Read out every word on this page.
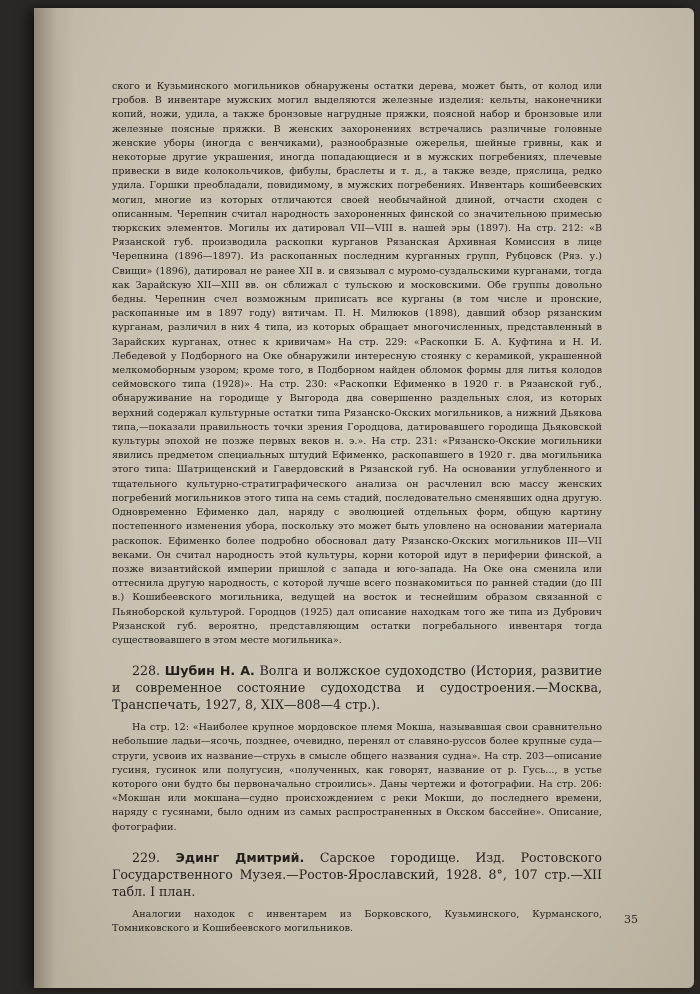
ского и Кузьминского могильников обнаружены остатки дерева, может быть, от колод или гробов. В инвентаре мужских могил выделяются железные изделия: кельты, наконечники копий, ножи, удила, а также бронзовые нагрудные пряжки, поясной набор и бронзовые или железные поясные пряжки. В женских захоронениях встречались различные головные женские уборы (иногда с венчиками), разнообразные ожерелья, шейные гривны, как и некоторые другие украшения, иногда попадающиеся и в мужских погребениях, плечевые привески в виде колокольчиков, фибулы, браслеты и т. д., а также везде, пряслица, редко удила. Горшки преобладали, повидимому, в мужских погребениях. Инвентарь кошибеевских могил, многие из которых отличаются своей необычайной длиной, отчасти сходен с описанным. Черепнин считал народность захороненных финской со значительною примесью тюркских элементов. Могилы их датировал VII—VIII в. нашей эры (1897). На стр. 212: «В Рязанской губ. производила раскопки курганов Рязанская Архивная Комиссия в лице Черепнина (1896—1897). Из раскопанных последним курганных групп, Рубцовск (Ряз. у.) Свищи» (1896), датировал не ранее XII в. и связывал с муромо-суздальскими курганами, тогда как Зарайскую XII—XIII вв. он сближал с тульскою и московскими. Обе группы довольно бедны. Черепнин счел возможным приписать все курганы (в том числе и пронские, раскопанные им в 1897 году) вятичам. П. Н. Милюков (1898), давший обзор рязанским курганам, различил в них 4 типа, из которых обращает многочисленных, представленный в Зарайских курганах, отнес к кривичам» На стр. 229: «Раскопки Б. А. Куфтина и Н. И. Лебедевой у Подборного на Оке обнаружили интересную стоянку с керамикой, украшенной мелкомоборным узором; кроме того, в Подборном найден обломок формы для литья колодов сеймовского типа (1928)». На стр. 230: «Раскопки Ефименко в 1920 г. в Рязанской губ., обнаруживание на городище у Выгорода два совершенно раздельных слоя, из которых верхний содержал культурные остатки типа Рязанско-Окских могильников, а нижний Дьякова типа,—показали правильность точки зрения Городцова, датировавшего городища Дьяковской культуры эпохой не позже первых веков н. э.». На стр. 231: «Рязанско-Окские могильники явились предметом специальных штудий Ефименко, раскопавшего в 1920 г. два могильника этого типа: Шатрищенский и Гавердовский в Рязанской губ. На основании углубленного и тщательного культурно-стратиграфического анализа он расчленил всю массу женских погребений могильников этого типа на семь стадий, последовательно сменявших одна другую. Одновременно Ефименко дал, наряду с эволюцией отдельных форм, общую картину постепенного изменения убора, поскольку это может быть уловлено на основании материала раскопок. Ефименко более подробно обосновал дату Рязанско-Окских могильников III—VII веками. Он считал народность этой культуры, корни которой идут в периферии финской, а позже византийской империи пришлой с запада и юго-запада. На Оке она сменила или оттеснила другую народность, с которой лучше всего познакомиться по ранней стадии (до III в.) Кошибеевского могильника, ведущей на восток и теснейшим образом связанной с Пьяноборской культурой. Городцов (1925) дал описание находкам того же типа из Дубрович Рязанской губ. вероятно, представляющим остатки погребального инвентаря тогда существовавшего в этом месте могильника».

228. Шубин Н. А. Волга и волжское судоходство (История, развитие и современное состояние судоходства и судостроения.—Москва, Транспечать, 1927, 8, XIX—808—4 стр.).

На стр. 12: «Наиболее крупное мордовское племя Мокша, называвшая свои сравнительно небольшие ладьи—ясочь, позднее, очевидно, перенял от славяно-руссов более крупные суда—струги, усвоив их название—струхь в смысле общего названия судна». На стр. 203—описание гусиня, гусинок или полугусин, «полученных, как говорят, название от р. Гусь..., в устье которого они будто бы первоначально строились». Даны чертежи и фотографии. На стр. 206: «Мокшан или мокшана—судно происхождением с реки Мокши, до последнего времени, наряду с гусянами, было одним из самых распространенных в Окском бассейне». Описание, фотографии.

229. Эдинг Дмитрий. Сарское городище. Изд. Ростовского Государственного Музея.—Ростов-Ярославский, 1928. 8°, 107 стр.—XII табл. I план.

Аналогии находок с инвентарем из Борковского, Кузьминского, Курманского, Томниковского и Кошибеевского могильников.

35
